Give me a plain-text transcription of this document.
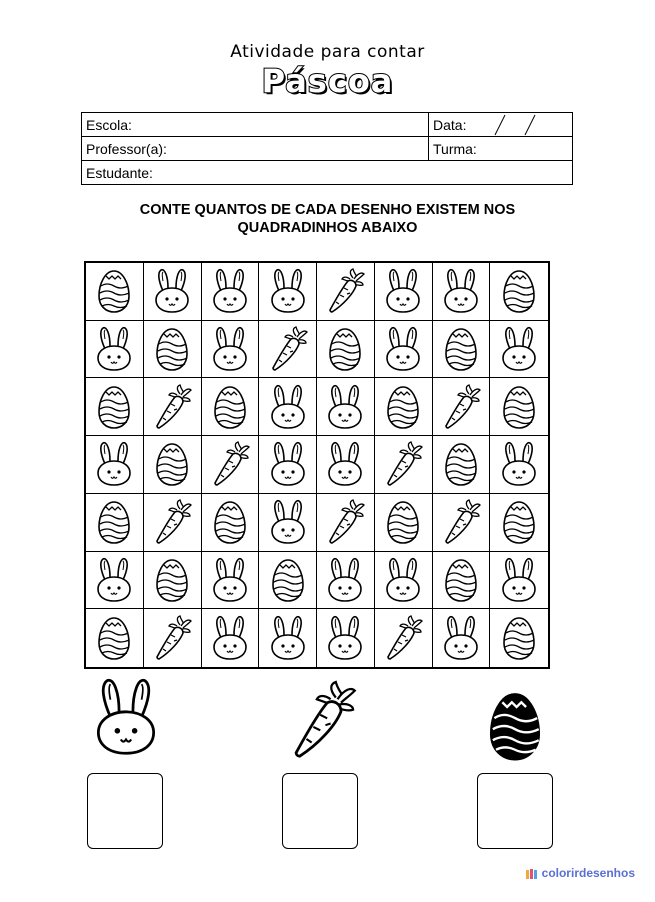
Atividade para contar
Páscoa
Escola:	Data:

Professor(a):	Turma:
Estudante:	
CONTE QUANTOS DE CADA DESENHO EXISTEM NOS
QUADRADINHOS ABAIXO
colorirdesenhos
